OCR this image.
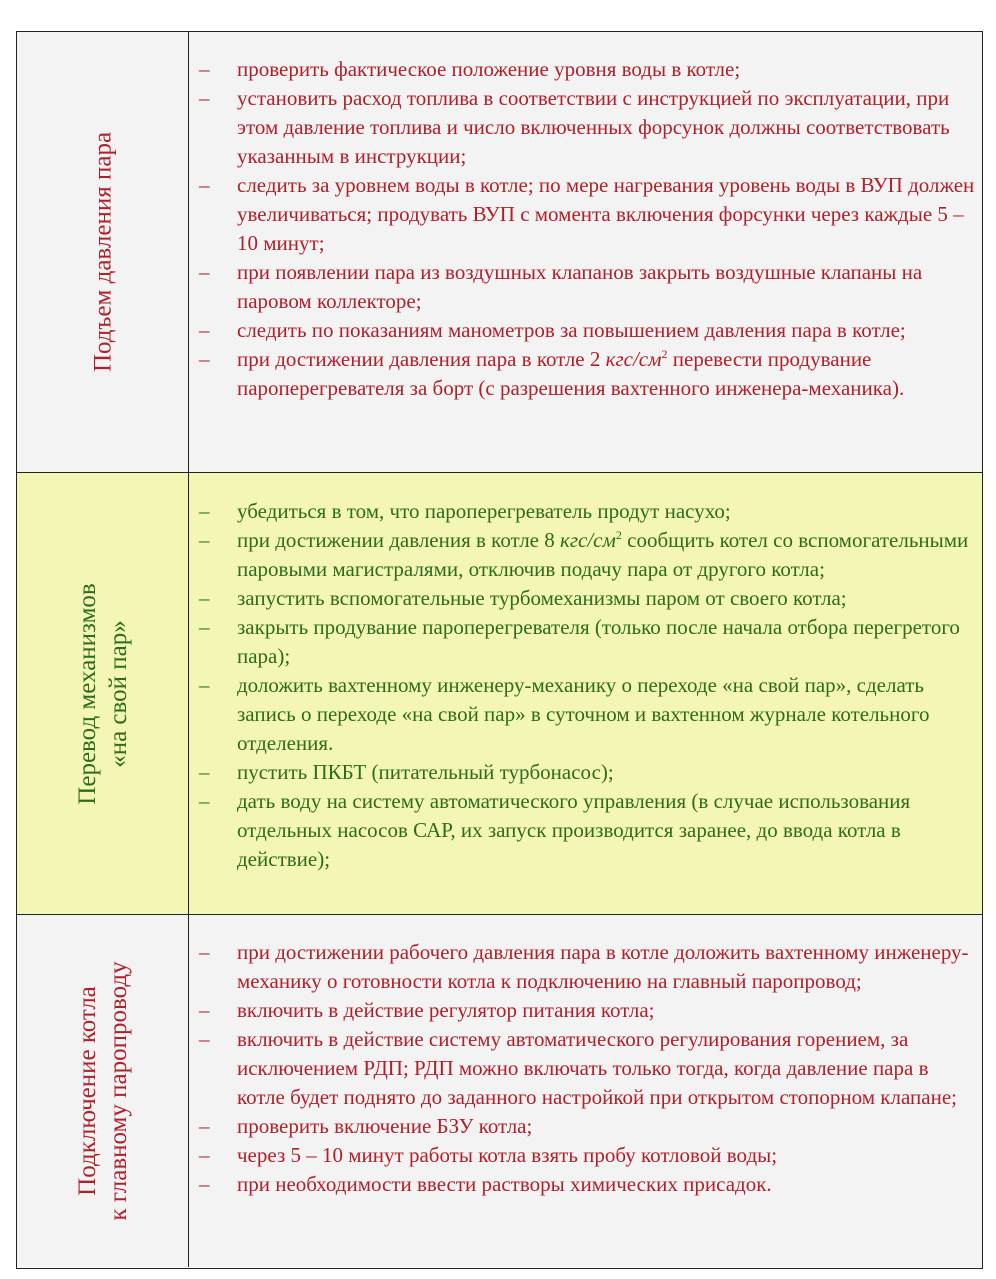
Подъем давления пара
– проверить фактическое положение уровня воды в котле;
– установить расход топлива в соответствии с инструкцией по эксплуатации, при этом давление топлива и число включенных форсунок должны соответствовать указанным в инструкции;
– следить за уровнем воды в котле; по мере нагревания уровень воды в ВУП должен увеличиваться; продувать ВУП с момента включения форсунки через каждые 5 – 10 минут;
– при появлении пара из воздушных клапанов закрыть воздушные клапаны на паровом коллекторе;
– следить по показаниям манометров за повышением давления пара в котле;
– при достижении давления пара в котле 2 кгс/$см^2$ перевести продувание пароперегревателя за борт (с разрешения вахтенного инженера-механика).
Перевод механизмов «на свой пар»
– убедиться в том, что пароперегреватель продут насухо;
– при достижении давления в котле 8 кгс/$см^2$ сообщить котел со вспомогательными паровыми магистралями, отключив подачу пара от другого котла;
– запустить вспомогательные турбомеханизмы паром от своего котла;
– закрыть продувание пароперегревателя (только после начала отбора перегретого пара);
– доложить вахтенному инженеру-механику о переходе «на свой пар», сделать запись о переходе «на свой пар» в суточном и вахтенном журнале котельного отделения.
– пустить ПКБТ (питательный турбонасос);
– дать воду на систему автоматического управления (в случае использования отдельных насосов САР, их запуск производится заранее, до ввода котла в действие);
Подключение котла к главному паропроводу
– при достижении рабочего давления пара в котле доложить вахтенному инженеру-механику о готовности котла к подключению на главный паропровод;
– включить в действие регулятор питания котла;
– включить в действие систему автоматического регулирования горением, за исключением РДП; РДП можно включать только тогда, когда давление пара в котле будет поднято до заданного настройкой при открытом стопорном клапане;
– проверить включение БЗУ котла;
– через 5 – 10 минут работы котла взять пробу котловой воды;
– при необходимости ввести растворы химических присадок.
